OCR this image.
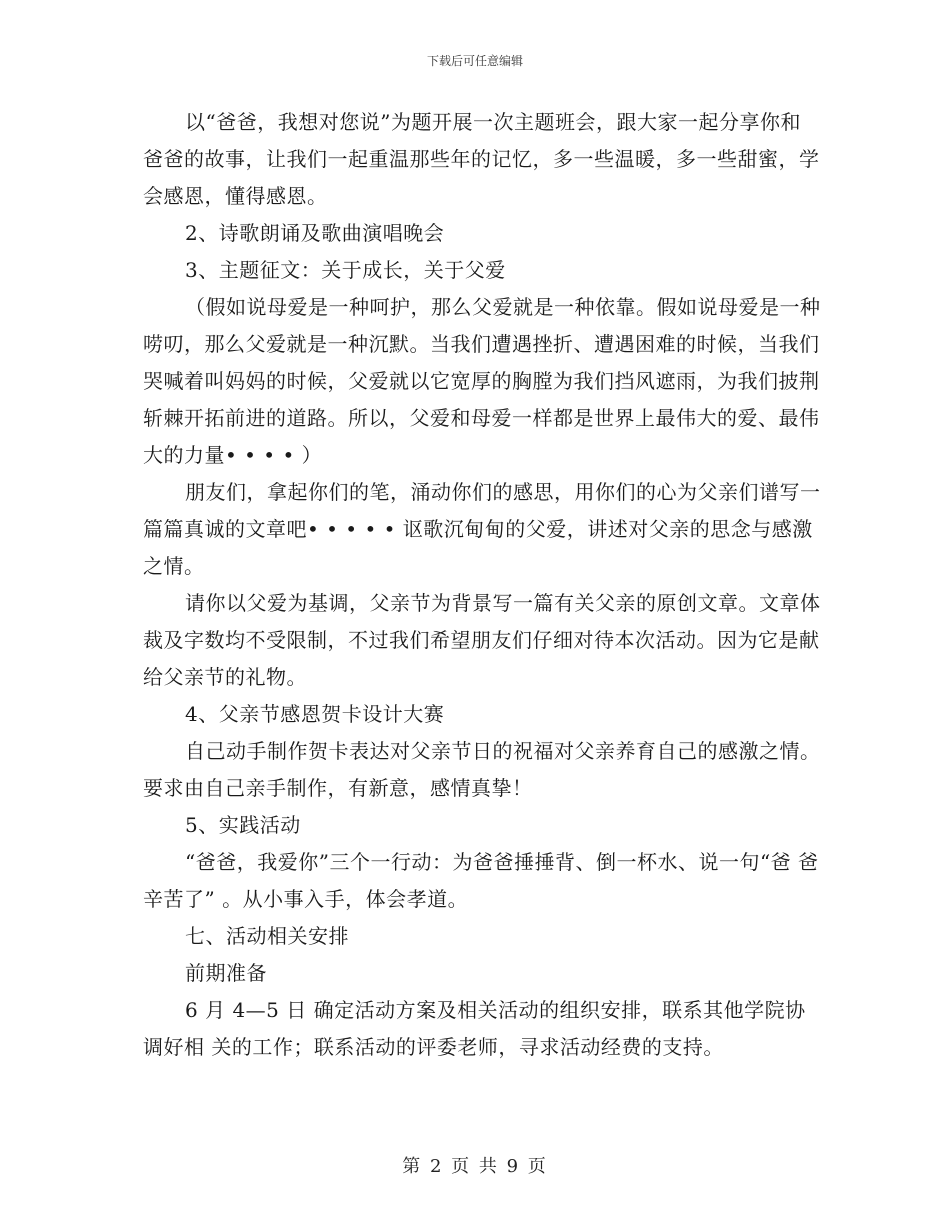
下载后可任意编辑

以“爸爸，我想对您说”为题开展一次主题班会，跟大家一起分享你和 爸爸的故事，让我们一起重温那些年的记忆，多一些温暖，多一些甜蜜，学 会感恩，懂得感恩。

2、诗歌朗诵及歌曲演唱晚会

3、主题征文：关于成长，关于父爱

（假如说母爱是一种呵护，那么父爱就是一种依靠。假如说母爱是一种 唠叨，那么父爱就是一种沉默。当我们遭遇挫折、遭遇困难的时候，当我们 哭喊着叫妈妈的时候，父爱就以它宽厚的胸膛为我们挡风遮雨，为我们披荆 斩棘开拓前进的道路。所以，父爱和母爱一样都是世界上最伟大的爱、最伟 大的力量• • • • ）

朋友们，拿起你们的笔，涌动你们的感思，用你们的心为父亲们谱写一 篇篇真诚的文章吧• • • • • 讴歌沉甸甸的父爱，讲述对父亲的思念与感激之情。

请你以父爱为基调，父亲节为背景写一篇有关父亲的原创文章。文章体 裁及字数均不受限制，不过我们希望朋友们仔细对待本次活动。因为它是献 给父亲节的礼物。

4、父亲节感恩贺卡设计大赛

自己动手制作贺卡表达对父亲节日的祝福对父亲养育自己的感激之情。 要求由自己亲手制作，有新意，感情真挚！

5、实践活动

“爸爸，我爱你”三个一行动：为爸爸捶捶背、倒一杯水、说一句“爸 爸辛苦了” 。从小事入手，体会孝道。

七、活动相关安排

前期准备

6 月 4—5 日 确定活动方案及相关活动的组织安排，联系其他学院协调好相 关的工作；联系活动的评委老师，寻求活动经费的支持。

第 2 页 共 9 页
